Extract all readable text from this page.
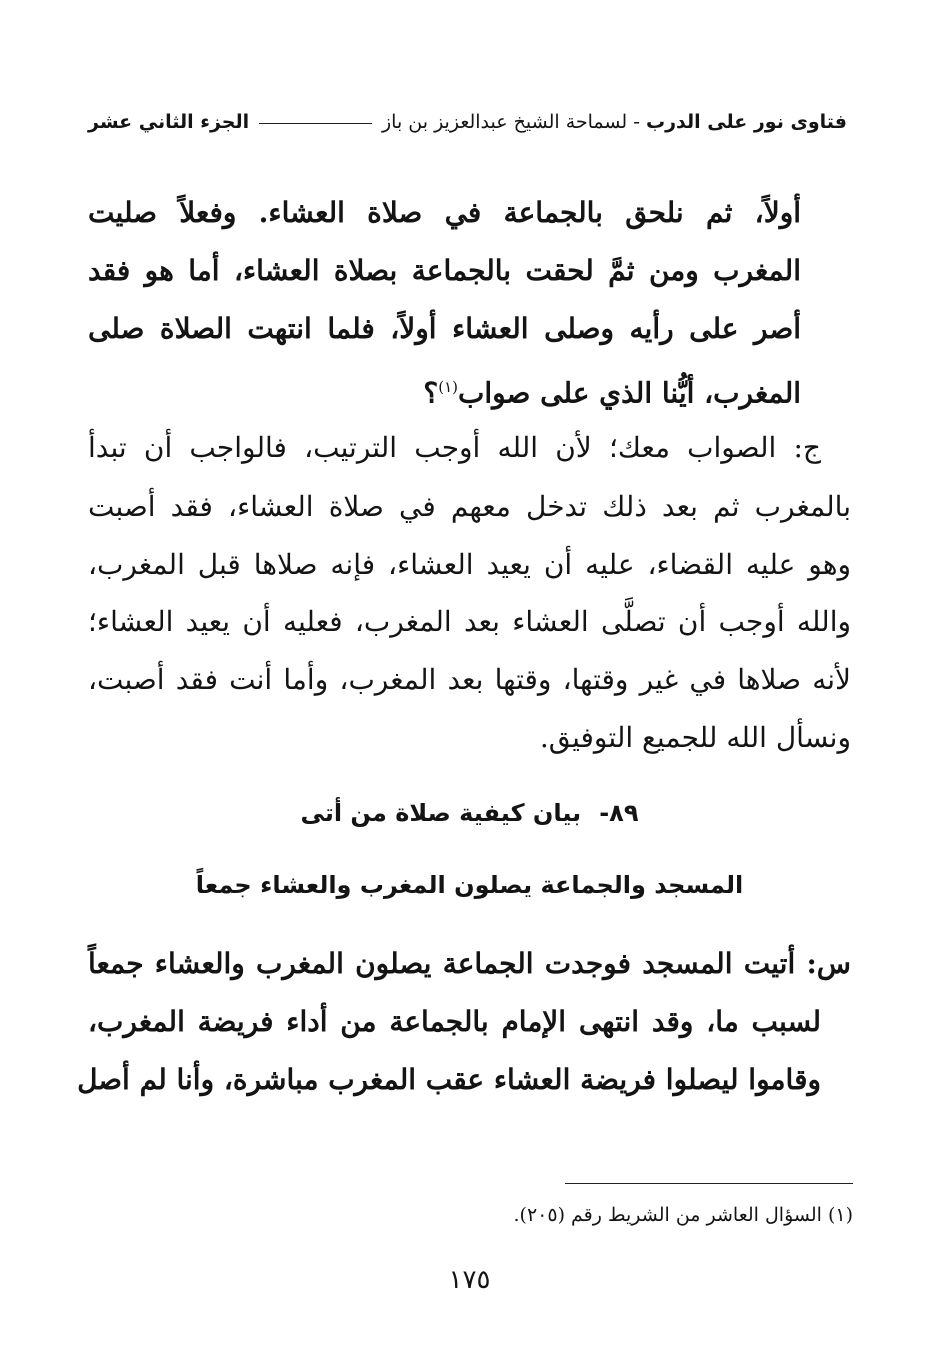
فتاوى نور على الدرب
-
لسماحة الشيخ عبدالعزيز بن باز
الجزء الثاني عشر
أولاً، ثم نلحق بالجماعة في صلاة العشاء. وفعلاً صليت
المغرب ومن ثمَّ لحقت بالجماعة بصلاة العشاء، أما هو فقد
أصر على رأيه وصلى العشاء أولاً، فلما انتهت الصلاة صلى
المغرب، أيُّنا الذي على صواب$^{(١)}$؟
ج: الصواب معك؛ لأن الله أوجب الترتيب، فالواجب أن تبدأ
بالمغرب ثم بعد ذلك تدخل معهم في صلاة العشاء، فقد أصبت
وهو عليه القضاء، عليه أن يعيد العشاء، فإنه صلاها قبل المغرب،
والله أوجب أن تصلَّى العشاء بعد المغرب، فعليه أن يعيد العشاء؛
لأنه صلاها في غير وقتها، وقتها بعد المغرب، وأما أنت فقد أصبت،
ونسأل الله للجميع التوفيق.
٨٩-بيان كيفية صلاة من أتى
المسجد والجماعة يصلون المغرب والعشاء جمعاً
س: أتيت المسجد فوجدت الجماعة يصلون المغرب والعشاء جمعاً
لسبب ما، وقد انتهى الإمام بالجماعة من أداء فريضة المغرب،
وقاموا ليصلوا فريضة العشاء عقب المغرب مباشرة، وأنا لم أصل
(١) السؤال العاشر من الشريط رقم (٢٠٥).
١٧٥
